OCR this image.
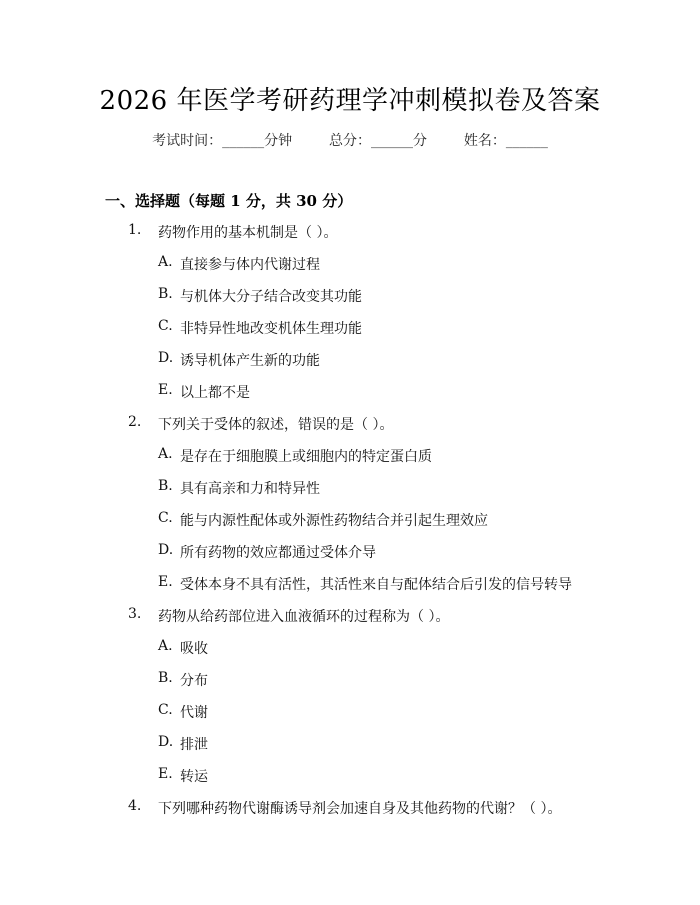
2026 年医学考研药理学冲刺模拟卷及答案
考试时间：______分钟	总分：______分	姓名：______
一、选择题（每题 1 分，共 30 分）
1. 药物作用的基本机制是（ ）。
A. 直接参与体内代谢过程
B. 与机体大分子结合改变其功能
C. 非特异性地改变机体生理功能
D. 诱导机体产生新的功能
E. 以上都不是
2. 下列关于受体的叙述，错误的是（ ）。
A. 是存在于细胞膜上或细胞内的特定蛋白质
B. 具有高亲和力和特异性
C. 能与内源性配体或外源性药物结合并引起生理效应
D. 所有药物的效应都通过受体介导
E. 受体本身不具有活性，其活性来自与配体结合后引发的信号转导
3. 药物从给药部位进入血液循环的过程称为（ ）。
A. 吸收
B. 分布
C. 代谢
D. 排泄
E. 转运
4. 下列哪种药物代谢酶诱导剂会加速自身及其他药物的代谢？（ ）。
